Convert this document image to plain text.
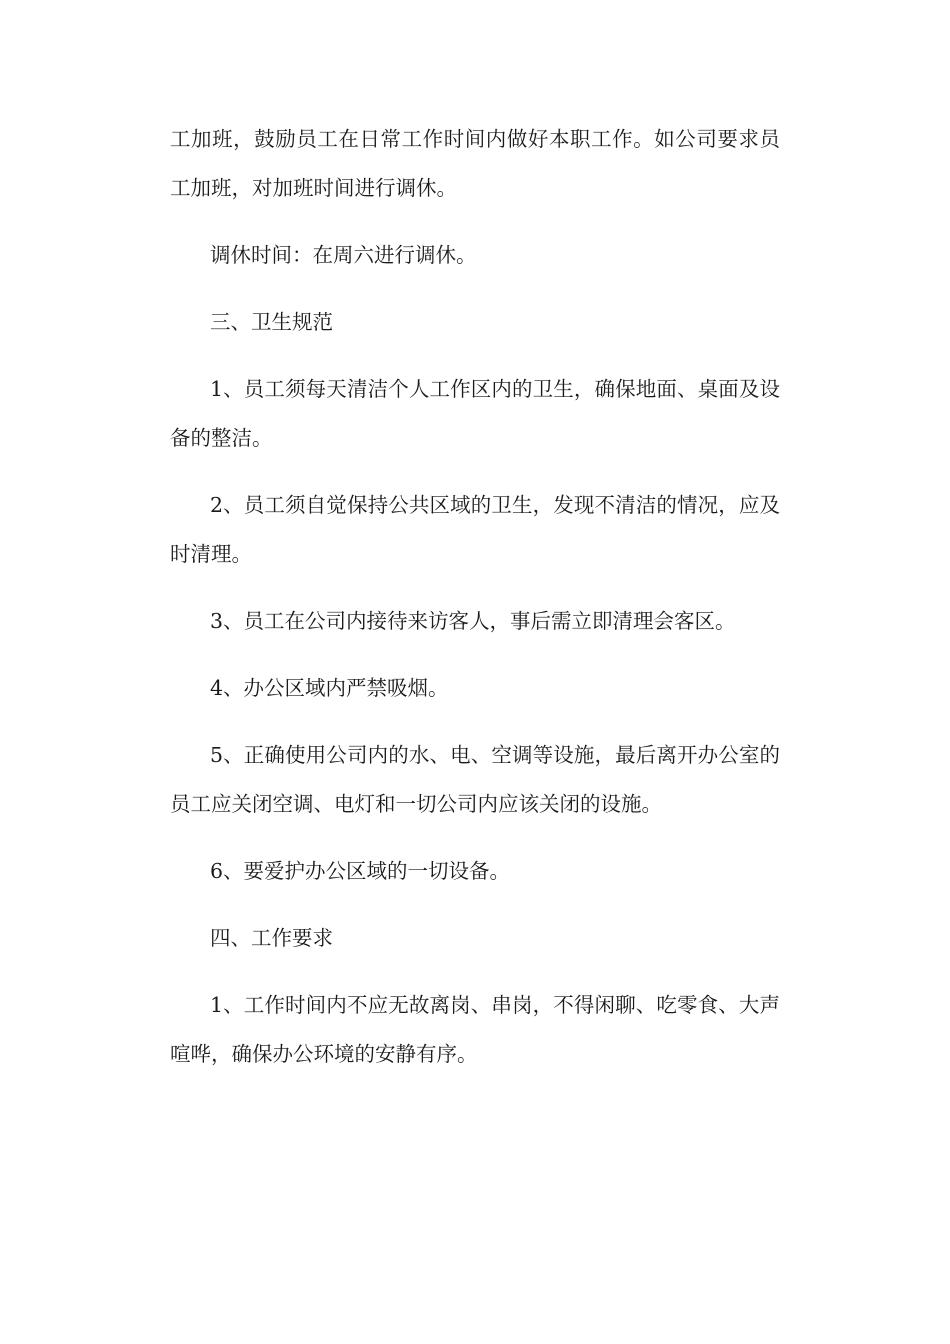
工加班，鼓励员工在日常工作时间内做好本职工作。如公司要求员工加班，对加班时间进行调休。

调休时间：在周六进行调休。

三、卫生规范

1、员工须每天清洁个人工作区内的卫生，确保地面、桌面及设备的整洁。

2、员工须自觉保持公共区域的卫生，发现不清洁的情况，应及时清理。

3、员工在公司内接待来访客人，事后需立即清理会客区。

4、办公区域内严禁吸烟。

5、正确使用公司内的水、电、空调等设施，最后离开办公室的员工应关闭空调、电灯和一切公司内应该关闭的设施。

6、要爱护办公区域的一切设备。

四、工作要求

1、工作时间内不应无故离岗、串岗，不得闲聊、吃零食、大声喧哗，确保办公环境的安静有序。
